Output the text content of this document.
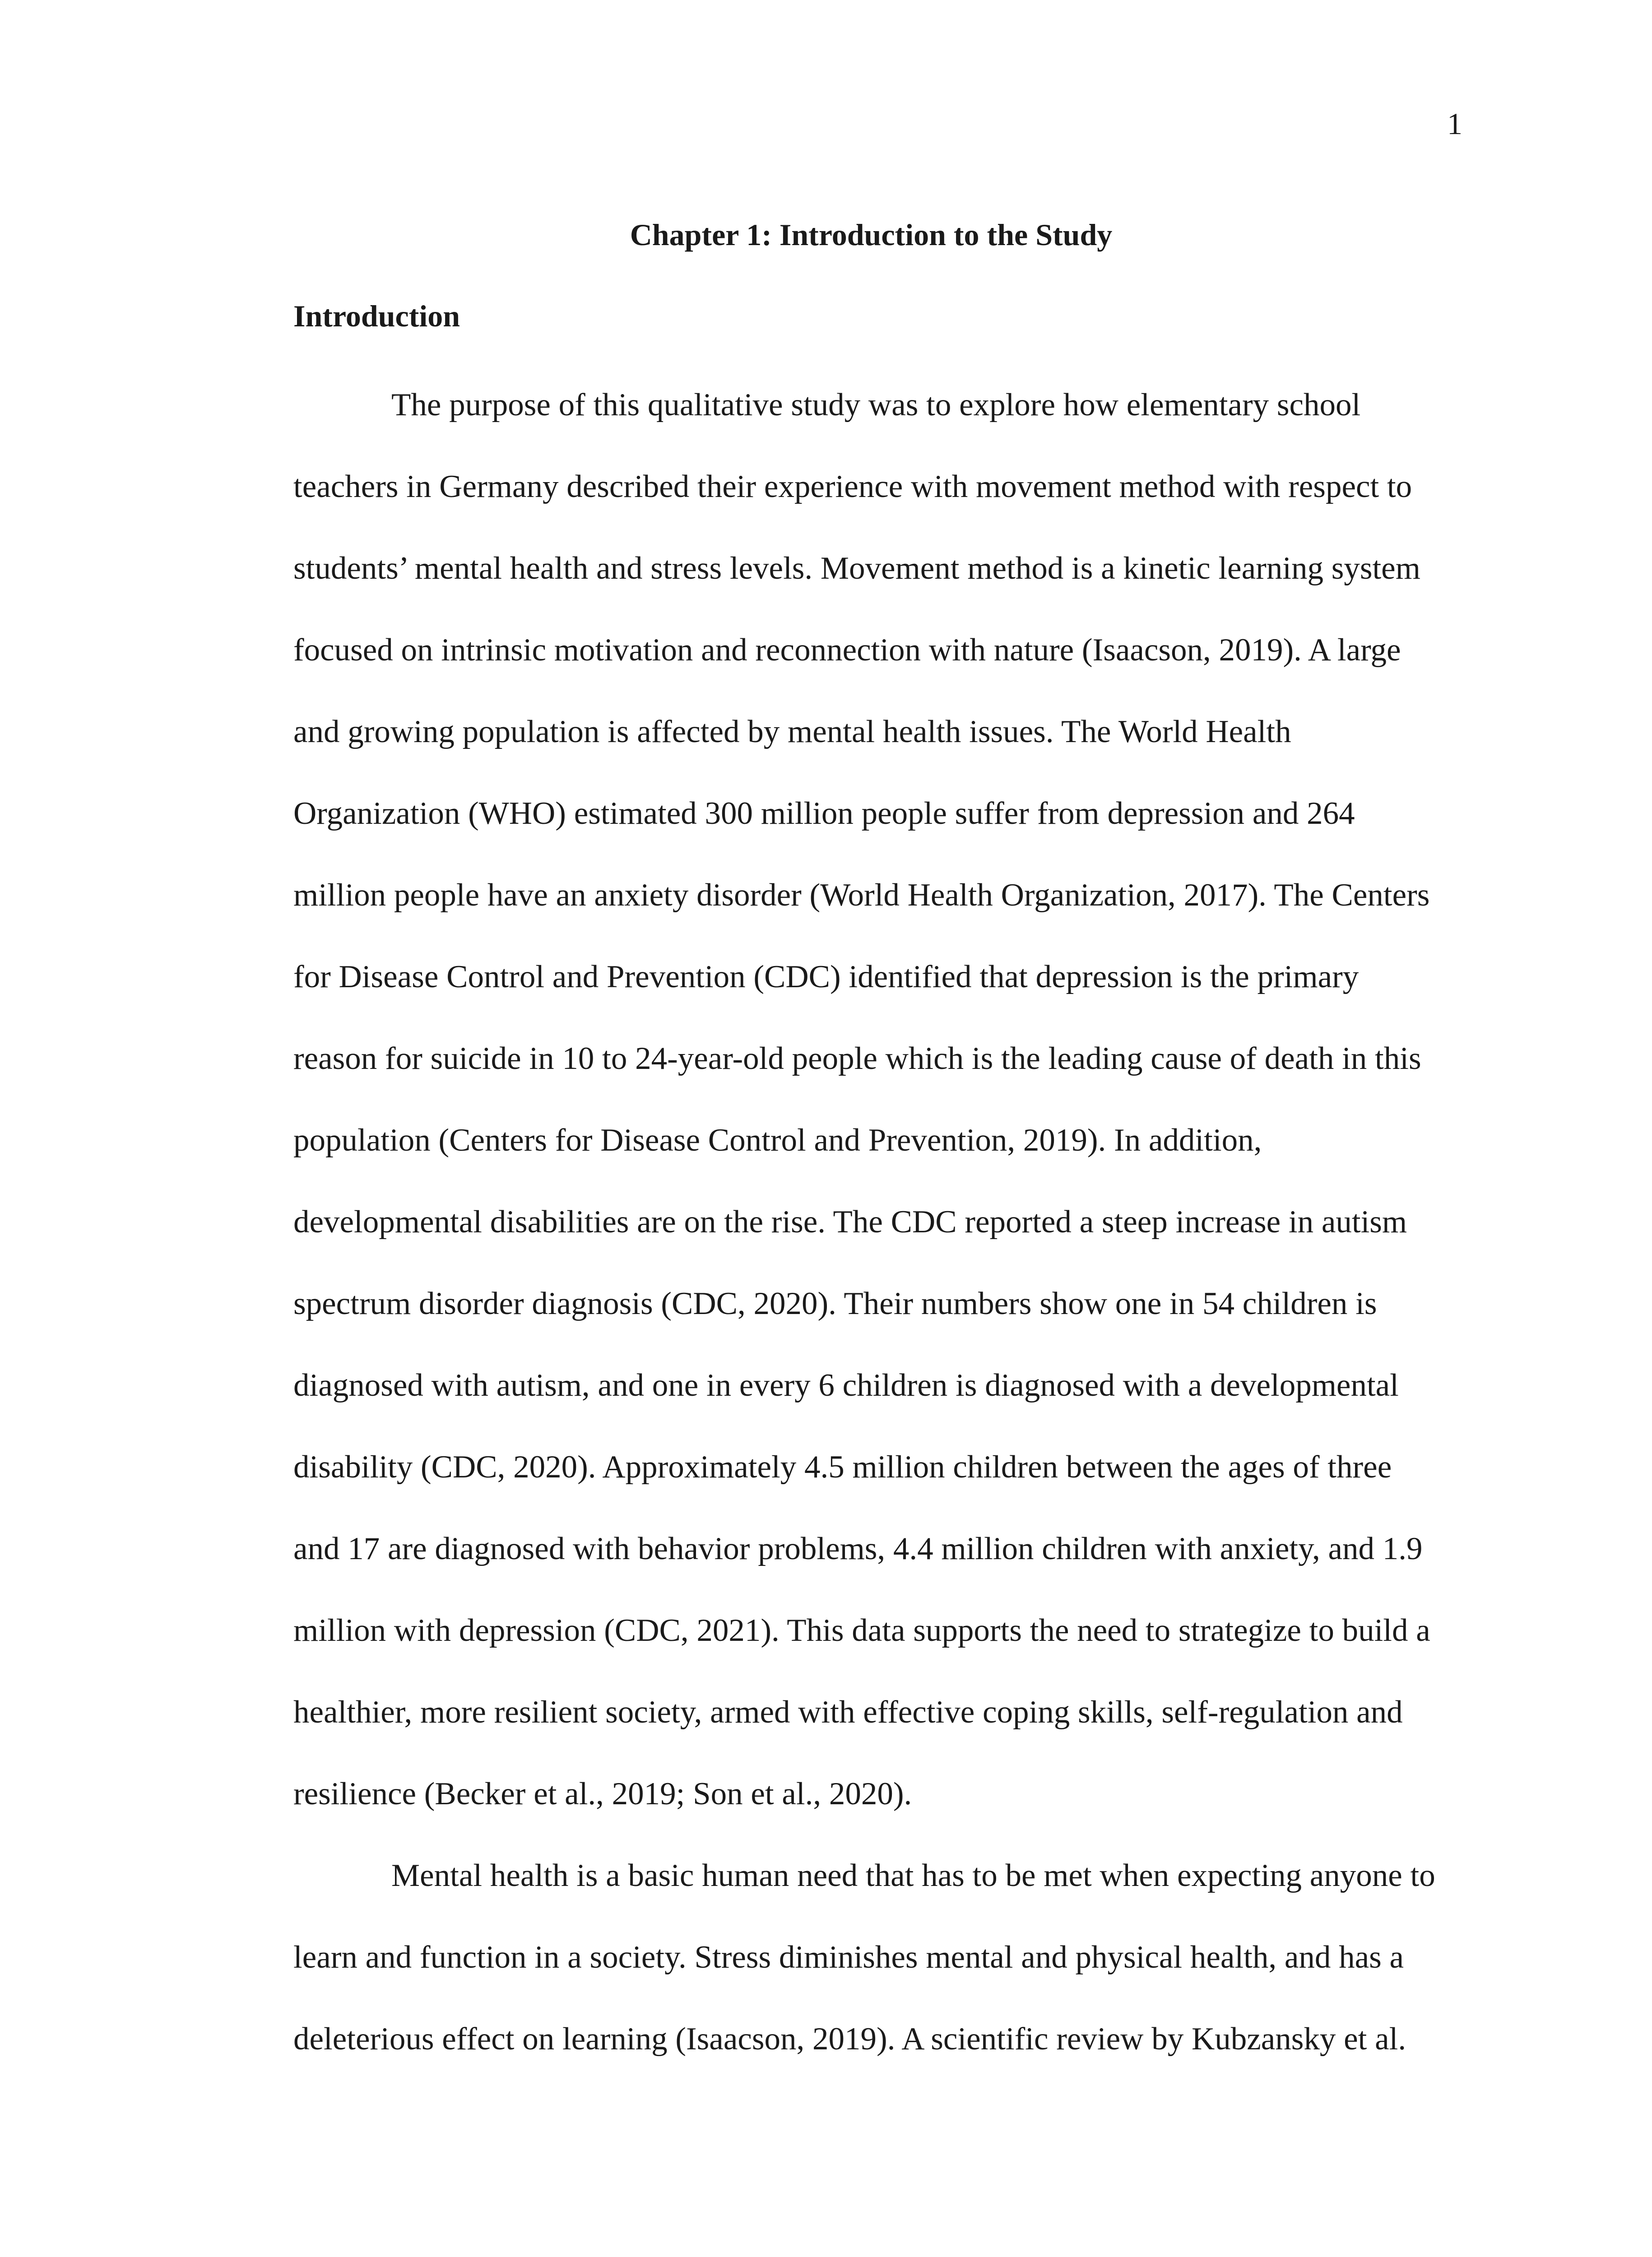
1
Chapter 1: Introduction to the Study
Introduction
The purpose of this qualitative study was to explore how elementary school
teachers in Germany described their experience with movement method with respect to
students’ mental health and stress levels. Movement method is a kinetic learning system
focused on intrinsic motivation and reconnection with nature (Isaacson, 2019). A large
and growing population is affected by mental health issues. The World Health
Organization (WHO) estimated 300 million people suffer from depression and 264
million people have an anxiety disorder (World Health Organization, 2017). The Centers
for Disease Control and Prevention (CDC) identified that depression is the primary
reason for suicide in 10 to 24-year-old people which is the leading cause of death in this
population (Centers for Disease Control and Prevention, 2019). In addition,
developmental disabilities are on the rise. The CDC reported a steep increase in autism
spectrum disorder diagnosis (CDC, 2020). Their numbers show one in 54 children is
diagnosed with autism, and one in every 6 children is diagnosed with a developmental
disability (CDC, 2020). Approximately 4.5 million children between the ages of three
and 17 are diagnosed with behavior problems, 4.4 million children with anxiety, and 1.9
million with depression (CDC, 2021). This data supports the need to strategize to build a
healthier, more resilient society, armed with effective coping skills, self-regulation and
resilience (Becker et al., 2019; Son et al., 2020).
Mental health is a basic human need that has to be met when expecting anyone to
learn and function in a society. Stress diminishes mental and physical health, and has a
deleterious effect on learning (Isaacson, 2019). A scientific review by Kubzansky et al.
